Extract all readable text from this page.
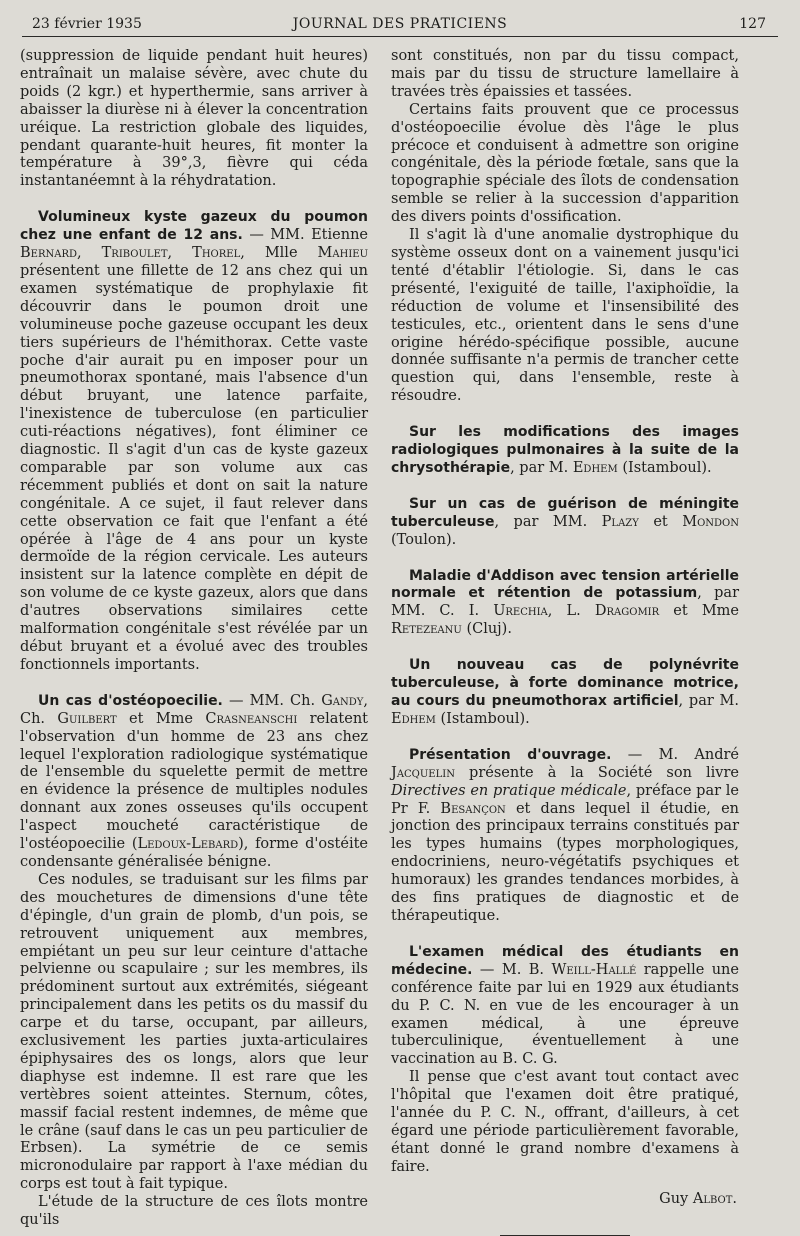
23 février 1935	JOURNAL DES PRATICIENS	127

(suppression de liquide pendant huit heures) entraînait un malaise sévère, avec chute du poids (2 kgr.) et hyperthermie, sans arriver à abaisser la diurèse ni à élever la concentration uréique. La restriction globale des liquides, pendant quarante-huit heures, fit monter la température à 39°,3, fièvre qui céda instantanéemnt à la réhydratation.

Volumineux kyste gazeux du poumon chez une enfant de 12 ans. — MM. Etienne Bernard, Triboulet, Thorel, Mlle Mahieu présentent une fillette de 12 ans chez qui un examen systématique de prophylaxie fit découvrir dans le poumon droit une volumineuse poche gazeuse occupant les deux tiers supérieurs de l'hémithorax. Cette vaste poche d'air aurait pu en imposer pour un pneumothorax spontané, mais l'absence d'un début bruyant, une latence parfaite, l'inexistence de tuberculose (en particulier cuti-réactions négatives), font éliminer ce diagnostic. Il s'agit d'un cas de kyste gazeux comparable par son volume aux cas récemment publiés et dont on sait la nature congénitale. A ce sujet, il faut relever dans cette observation ce fait que l'enfant a été opérée à l'âge de 4 ans pour un kyste dermoïde de la région cervicale. Les auteurs insistent sur la latence complète en dépit de son volume de ce kyste gazeux, alors que dans d'autres observations similaires cette malformation congénitale s'est révélée par un début bruyant et a évolué avec des troubles fonctionnels importants.

Un cas d'ostéopoecilie. — MM. Ch. Gandy, Ch. Guilbert et Mme Crasneanschi relatent l'observation d'un homme de 23 ans chez lequel l'exploration radiologique systématique de l'ensemble du squelette permit de mettre en évidence la présence de multiples nodules donnant aux zones osseuses qu'ils occupent l'aspect moucheté caractéristique de l'ostéopoecilie (Ledoux-Lebard), forme d'ostéite condensante généralisée bénigne.

Ces nodules, se traduisant sur les films par des mouchetures de dimensions d'une tête d'épingle, d'un grain de plomb, d'un pois, se retrouvent uniquement aux membres, empiétant un peu sur leur ceinture d'attache pelvienne ou scapulaire ; sur les membres, ils prédominent surtout aux extrémités, siégeant principalement dans les petits os du massif du carpe et du tarse, occupant, par ailleurs, exclusivement les parties juxta-articulaires épiphysaires des os longs, alors que leur diaphyse est indemne. Il est rare que les vertèbres soient atteintes. Sternum, côtes, massif facial restent indemnes, de même que le crâne (sauf dans le cas un peu particulier de Erbsen). La symétrie de ce semis micronodulaire par rapport à l'axe médian du corps est tout à fait typique.

L'étude de la structure de ces îlots montre qu'ils

sont constitués, non par du tissu compact, mais par du tissu de structure lamellaire à travées très épaissies et tassées.

Certains faits prouvent que ce processus d'ostéopoecilie évolue dès l'âge le plus précoce et conduisent à admettre son origine congénitale, dès la période fœtale, sans que la topographie spéciale des îlots de condensation semble se relier à la succession d'apparition des divers points d'ossification.

Il s'agit là d'une anomalie dystrophique du système osseux dont on a vainement jusqu'ici tenté d'établir l'étiologie. Si, dans le cas présenté, l'exiguité de taille, l'axiphoïdie, la réduction de volume et l'insensibilité des testicules, etc., orientent dans le sens d'une origine hérédo-spécifique possible, aucune donnée suffisante n'a permis de trancher cette question qui, dans l'ensemble, reste à résoudre.

Sur les modifications des images radiologiques pulmonaires à la suite de la chrysothérapie, par M. Edhem (Istamboul).

Sur un cas de guérison de méningite tuberculeuse, par MM. Plazy et Mondon (Toulon).

Maladie d'Addison avec tension artérielle normale et rétention de potassium, par MM. C. I. Urechia, L. Dragomir et Mme Retezeanu (Cluj).

Un nouveau cas de polynévrite tuberculeuse, à forte dominance motrice, au cours du pneumothorax artificiel, par M. Edhem (Istamboul).

Présentation d'ouvrage. — M. André Jacquelin présente à la Société son livre Directives en pratique médicale, préface par le Pr F. Besançon et dans lequel il étudie, en jonction des principaux terrains constitués par les types humains (types morphologiques, endocriniens, neuro-végétatifs psychiques et humoraux) les grandes tendances morbides, à des fins pratiques de diagnostic et de thérapeutique.

L'examen médical des étudiants en médecine. — M. B. Weill-Hallé rappelle une conférence faite par lui en 1929 aux étudiants du P. C. N. en vue de les encourager à un examen médical, à une épreuve tuberculinique, éventuellement à une vaccination au B. C. G.

Il pense que c'est avant tout contact avec l'hôpital que l'examen doit être pratiqué, l'année du P. C. N., offrant, d'ailleurs, à cet égard une période particulièrement favorable, étant donné le grand nombre d'examens à faire.

Guy Albot.
